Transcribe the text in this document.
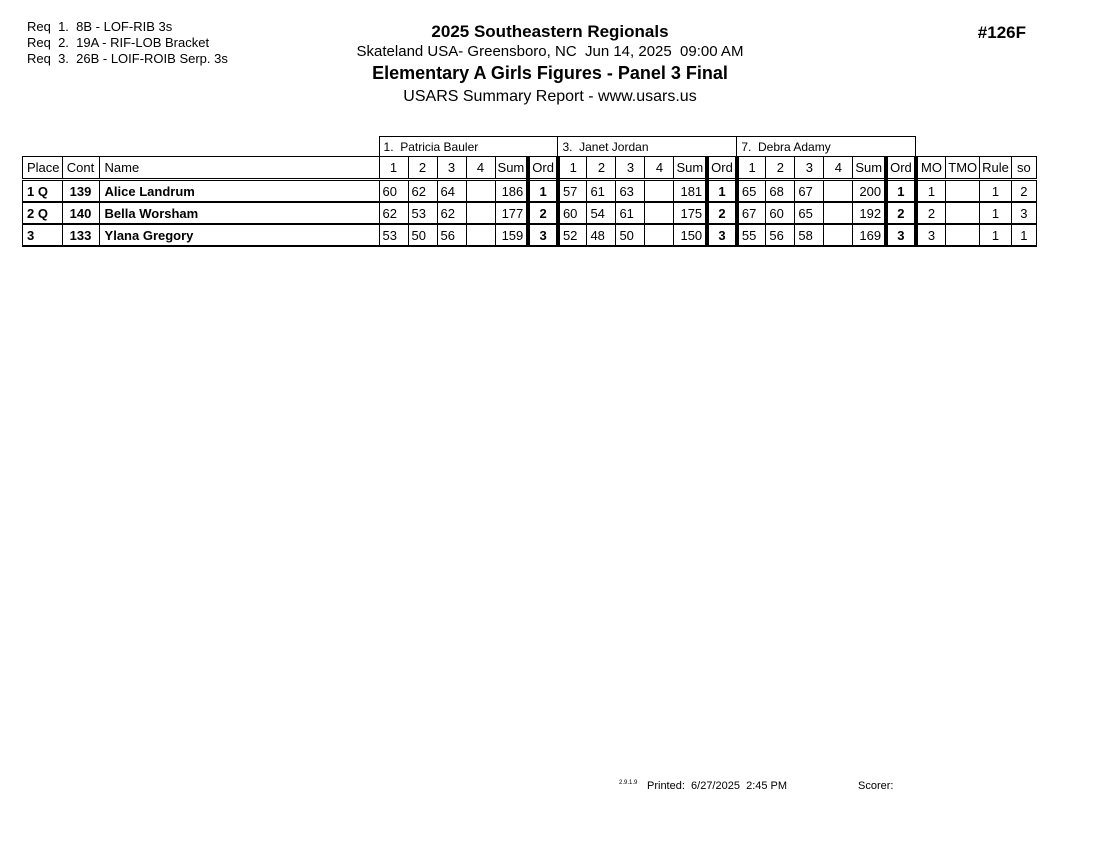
Req  1.  8B - LOF-RIB 3s
Req  2.  19A - RIF-LOB Bracket
Req  3.  26B - LOIF-ROIB Serp. 3s
2025 Southeastern Regionals
Skateland USA- Greensboro, NC  Jun 14, 2025  09:00 AM
Elementary A Girls Figures - Panel 3 Final
USARS Summary Report - www.usars.us
#126F
			1.  Patricia Bauler						3.  Janet Jordan						7.  Debra Adamy									
Place	Cont	Name	1	2	3	4	Sum	Ord	1	2	3	4	Sum	Ord	1	2	3	4	Sum	Ord	MO	TMO	Rule	so
1 Q	139	Alice Landrum	60	62	64		186	1	57	61	63		181	1	65	68	67		200	1	1		1	2
2 Q	140	Bella Worsham	62	53	62		177	2	60	54	61		175	2	67	60	65		192	2	2		1	3
3	133	Ylana Gregory	53	50	56		159	3	52	48	50		150	3	55	56	58		169	3	3		1	1
2.9.1.9 Printed:  6/27/2025  2:45 PM	Scorer:
